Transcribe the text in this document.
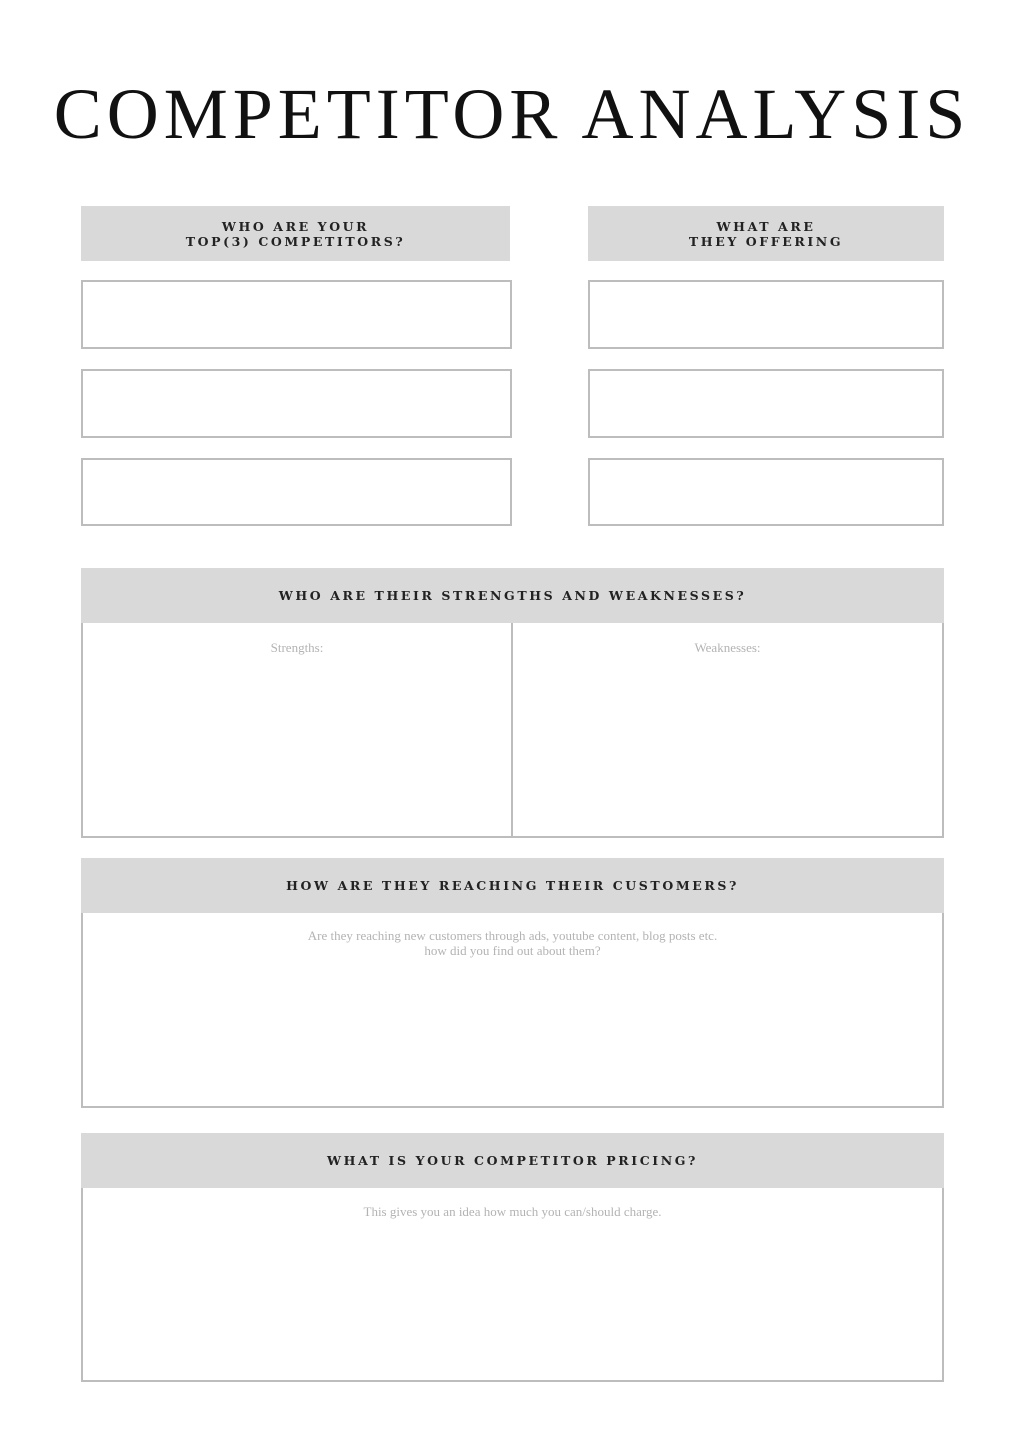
COMPETITOR ANALYSIS
WHO ARE YOUR
TOP(3) COMPETITORS?
WHAT ARE
THEY OFFERING
WHO ARE THEIR STRENGTHS AND WEAKNESSES?
Strengths:	Weaknesses:
HOW ARE THEY REACHING THEIR CUSTOMERS?
Are they reaching new customers through ads, youtube content, blog posts etc.
how did you find out about them?
WHAT IS YOUR COMPETITOR PRICING?
This gives you an idea how much you can/should charge.
